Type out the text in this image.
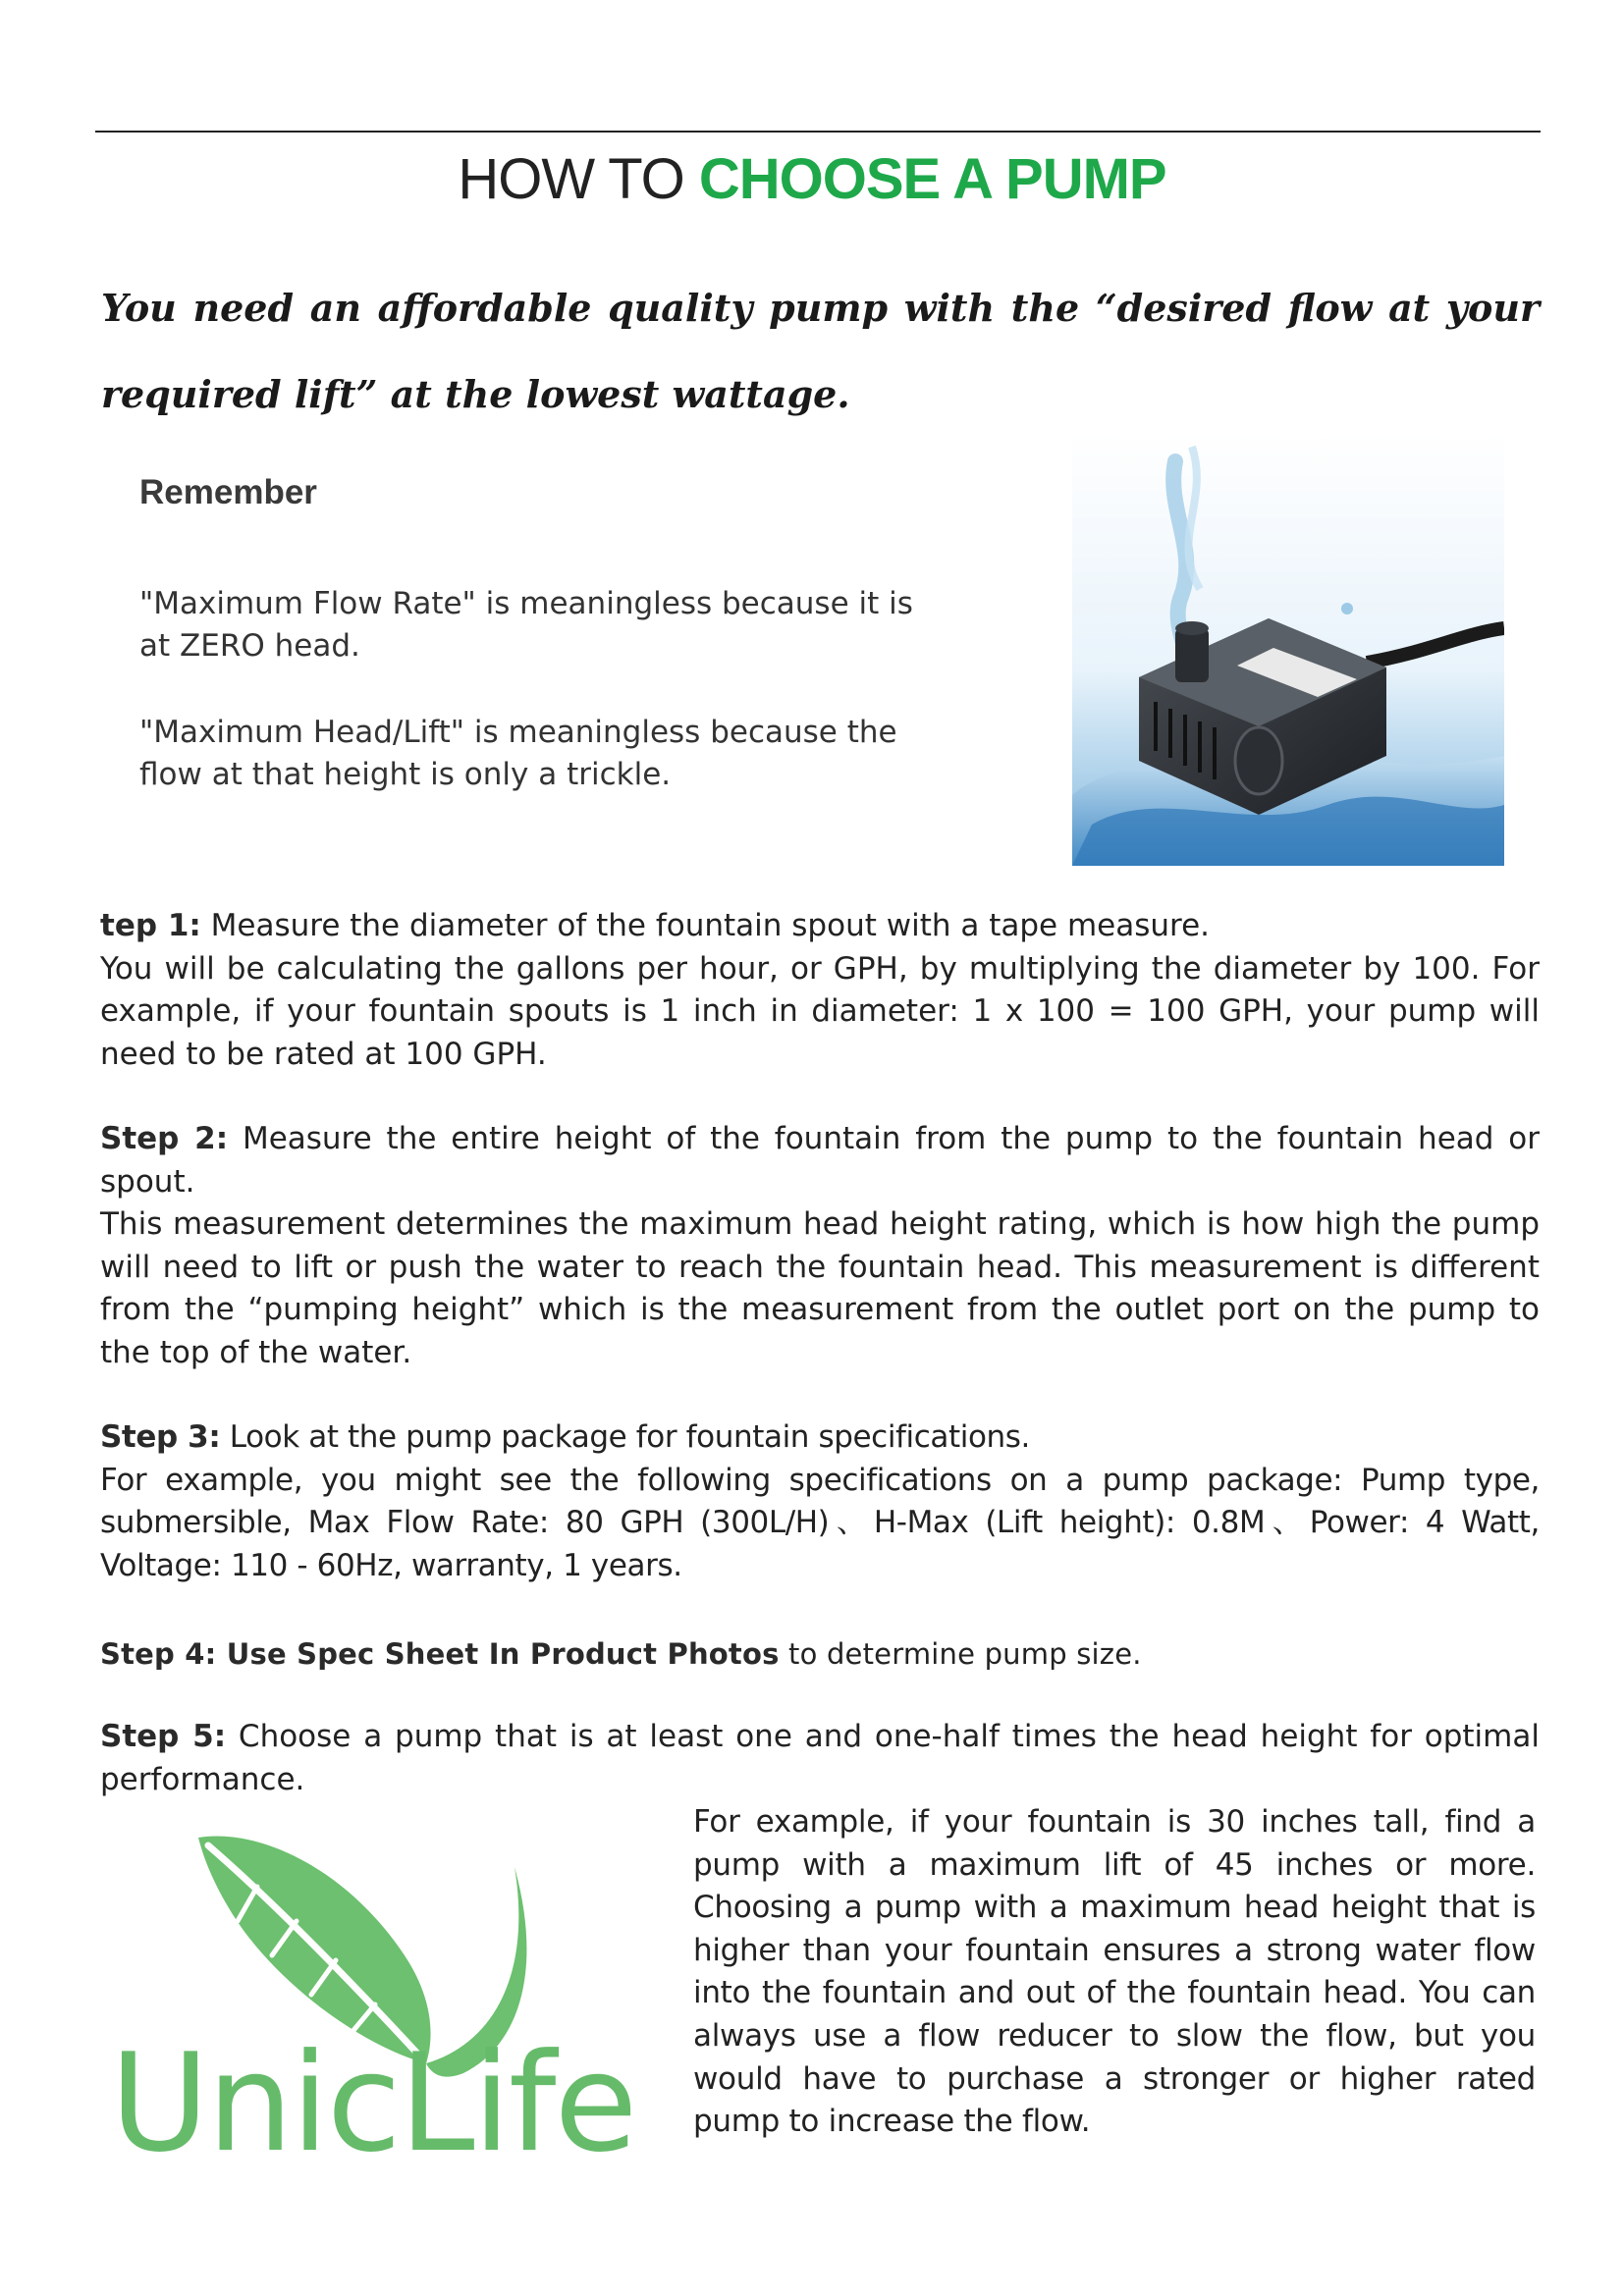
HOW TO CHOOSE A PUMP
You need an affordable quality pump with the “desired flow at your required lift” at the lowest wattage.
Remember
"Maximum Flow Rate" is meaningless because it is at ZERO head.
"Maximum Head/Lift" is meaningless because the flow at that height is only a trickle.
tep 1: Measure the diameter of the fountain spout with a tape measure.
You will be calculating the gallons per hour, or GPH, by multiplying the diameter by 100. For example, if your fountain spouts is 1 inch in diameter: 1 x 100 = 100 GPH, your pump will need to be rated at 100 GPH.
Step 2: Measure the entire height of the fountain from the pump to the fountain head or spout.
This measurement determines the maximum head height rating, which is how high the pump will need to lift or push the water to reach the fountain head. This measurement is different from the “pumping height” which is the measurement from the outlet port on the pump to the top of the water.
Step 3: Look at the pump package for fountain specifications.
For example, you might see the following specifications on a pump package: Pump type, submersible, Max Flow Rate: 80 GPH (300L/H)、H-Max (Lift height): 0.8M、Power: 4 Watt, Voltage: 110 - 60Hz, warranty, 1 years.
Step 4: Use Spec Sheet In Product Photos to determine pump size.
Step 5: Choose a pump that is at least one and one-half times the head height for optimal performance.
For example, if your fountain is 30 inches tall, find a pump with a maximum lift of 45 inches or more. Choosing a pump with a maximum head height that is higher than your fountain ensures a strong water flow into the fountain and out of the fountain head. You can always use a flow reducer to slow the flow, but you would have to purchase a stronger or higher rated pump to increase the flow.
UnicLife
